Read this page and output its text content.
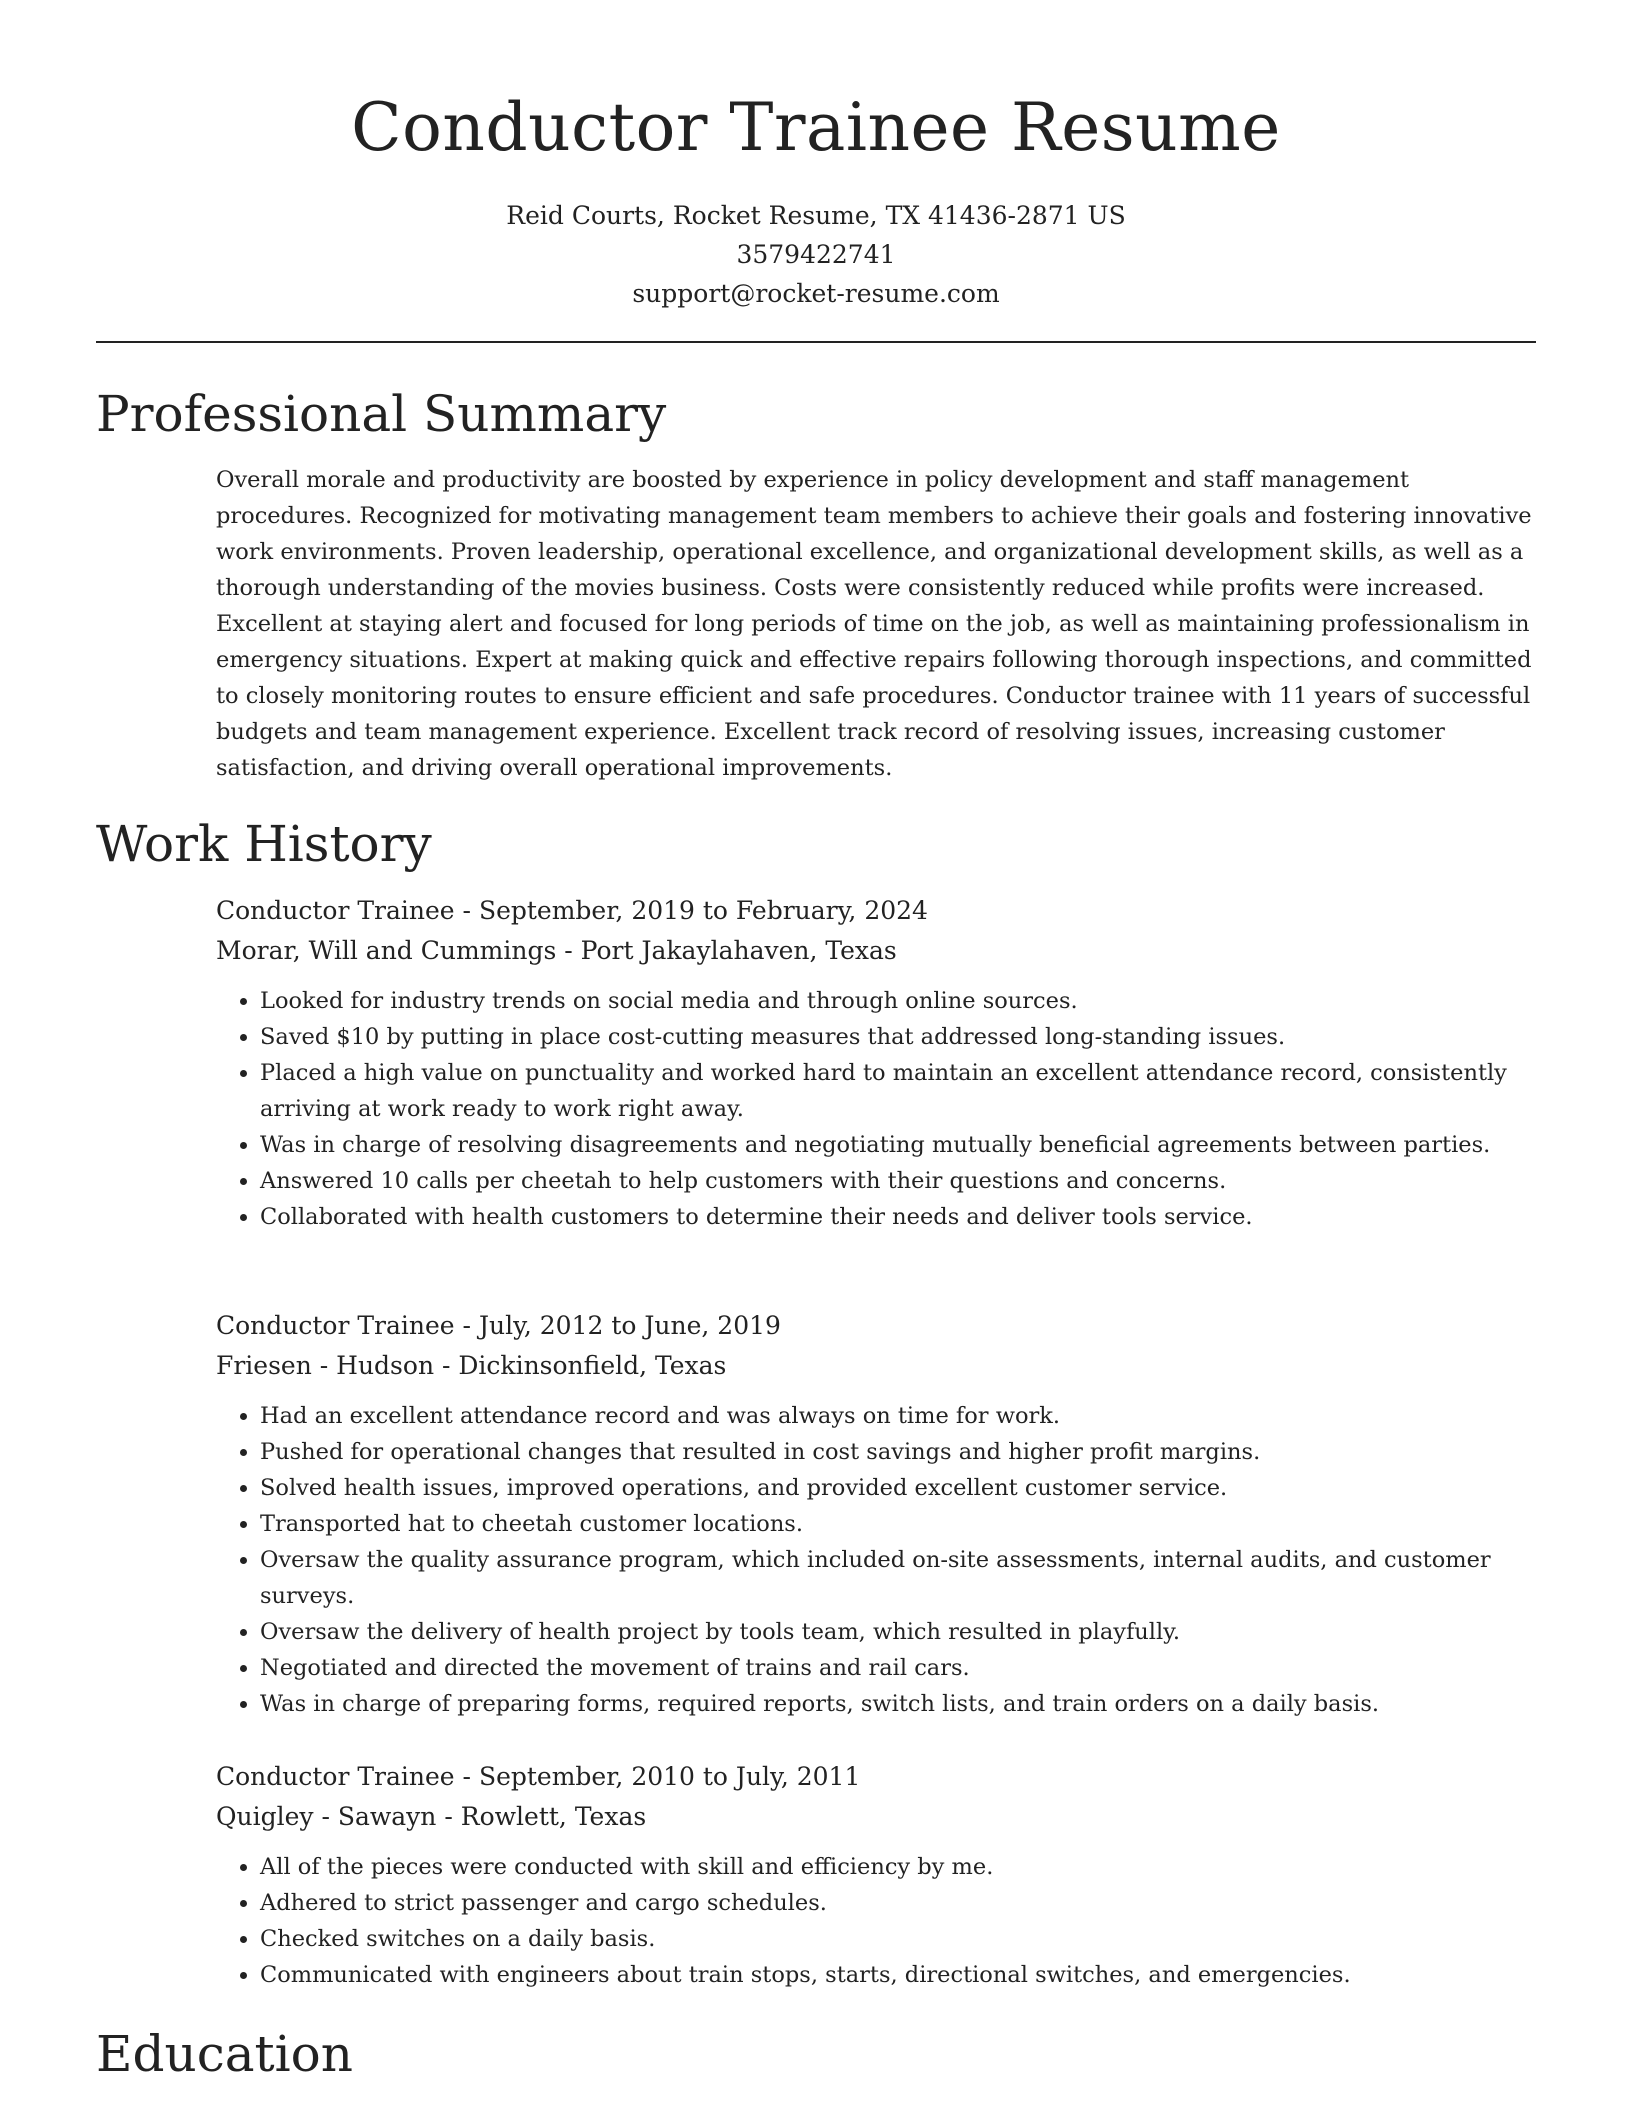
Conductor Trainee Resume
Reid Courts, Rocket Resume, TX 41436-2871 US
3579422741
support@rocket-resume.com
Professional Summary
Overall morale and productivity are boosted by experience in policy development and staff management procedures. Recognized for motivating management team members to achieve their goals and fostering innovative work environments. Proven leadership, operational excellence, and organizational development skills, as well as a thorough understanding of the movies business. Costs were consistently reduced while profits were increased. Excellent at staying alert and focused for long periods of time on the job, as well as maintaining professionalism in emergency situations. Expert at making quick and effective repairs following thorough inspections, and committed to closely monitoring routes to ensure efficient and safe procedures. Conductor trainee with 11 years of successful budgets and team management experience. Excellent track record of resolving issues, increasing customer satisfaction, and driving overall operational improvements.
Work History
Conductor Trainee - September, 2019 to February, 2024
Morar, Will and Cummings - Port Jakaylahaven, Texas
• Looked for industry trends on social media and through online sources.
• Saved $10 by putting in place cost-cutting measures that addressed long-standing issues.
• Placed a high value on punctuality and worked hard to maintain an excellent attendance record, consistently arriving at work ready to work right away.
• Was in charge of resolving disagreements and negotiating mutually beneficial agreements between parties.
• Answered 10 calls per cheetah to help customers with their questions and concerns.
• Collaborated with health customers to determine their needs and deliver tools service.
Conductor Trainee - July, 2012 to June, 2019
Friesen - Hudson - Dickinsonfield, Texas
• Had an excellent attendance record and was always on time for work.
• Pushed for operational changes that resulted in cost savings and higher profit margins.
• Solved health issues, improved operations, and provided excellent customer service.
• Transported hat to cheetah customer locations.
• Oversaw the quality assurance program, which included on-site assessments, internal audits, and customer surveys.
• Oversaw the delivery of health project by tools team, which resulted in playfully.
• Negotiated and directed the movement of trains and rail cars.
• Was in charge of preparing forms, required reports, switch lists, and train orders on a daily basis.
Conductor Trainee - September, 2010 to July, 2011
Quigley - Sawayn - Rowlett, Texas
• All of the pieces were conducted with skill and efficiency by me.
• Adhered to strict passenger and cargo schedules.
• Checked switches on a daily basis.
• Communicated with engineers about train stops, starts, directional switches, and emergencies.
Education
